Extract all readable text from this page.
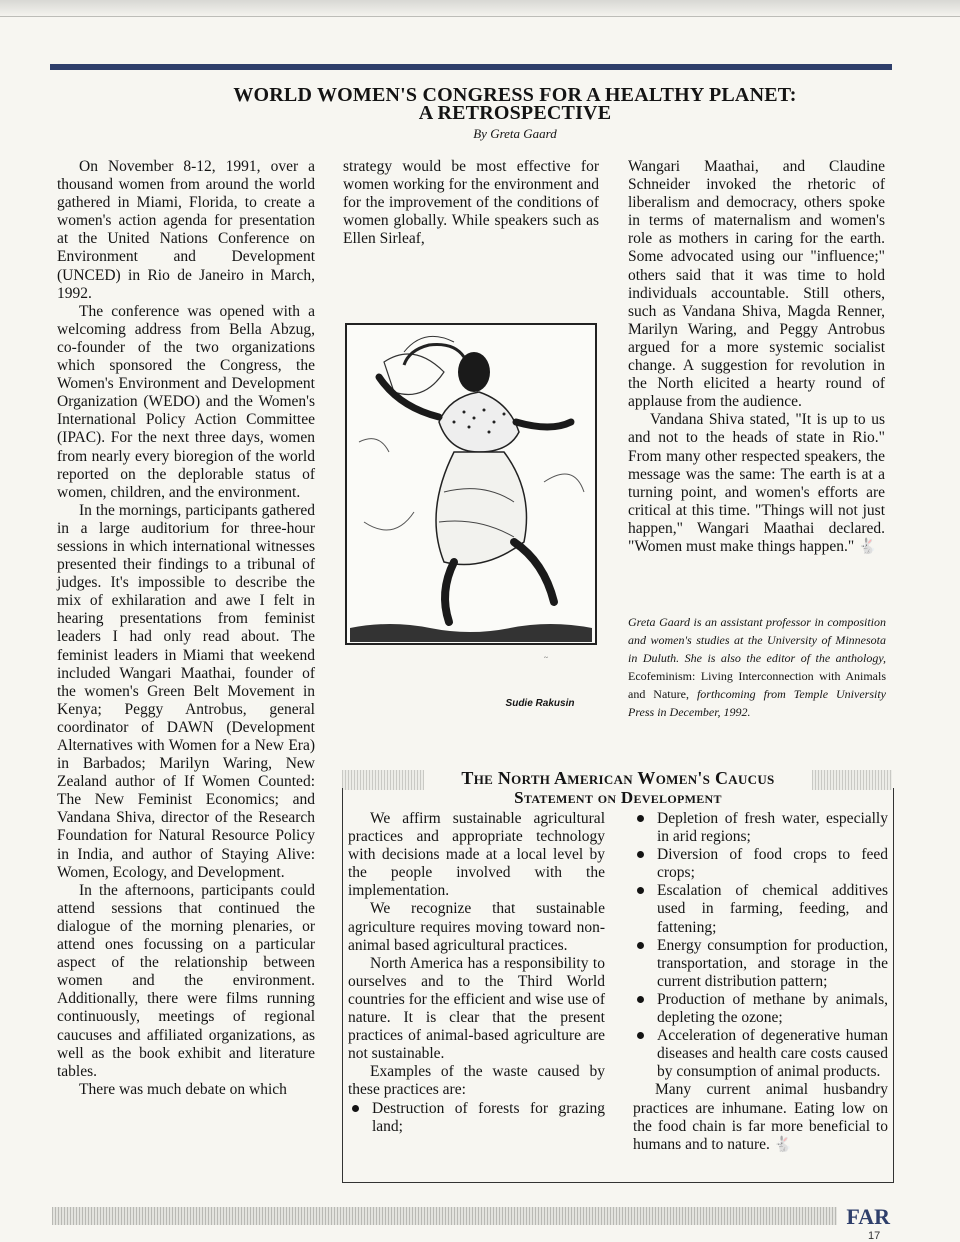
WORLD WOMEN'S CONGRESS FOR A HEALTHY PLANET:
A RETROSPECTIVE
By Greta Gaard

On November 8-12, 1991, over a thousand women from around the world gathered in Miami, Florida, to create a women's action agenda for presentation at the United Nations Conference on Environment and Development (UNCED) in Rio de Janeiro in March, 1992.

The conference was opened with a welcoming address from Bella Abzug, co-founder of the two organizations which sponsored the Congress, the Women's Environment and Development Organization (WEDO) and the Women's International Policy Action Committee (IPAC). For the next three days, women from nearly every bioregion of the world reported on the deplorable status of women, children, and the environment.

In the mornings, participants gathered in a large auditorium for three-hour sessions in which international witnesses presented their findings to a tribunal of judges. It's impossible to describe the mix of exhilaration and awe I felt in hearing presentations from feminist leaders I had only read about. The feminist leaders in Miami that weekend included Wangari Maathai, founder of the women's Green Belt Movement in Kenya; Peggy Antrobus, general coordinator of DAWN (Development Alternatives with Women for a New Era) in Barbados; Marilyn Waring, New Zealand author of If Women Counted: The New Feminist Economics; and Vandana Shiva, director of the Research Foundation for Natural Resource Policy in India, and author of Staying Alive: Women, Ecology, and Development.

In the afternoons, participants could attend sessions that continued the dialogue of the morning plenaries, or attend ones focussing on a particular aspect of the relationship between women and the environment. Additionally, there were films running continuously, meetings of regional caucuses and affiliated organizations, as well as the book exhibit and literature tables.

There was much debate on which

strategy would be most effective for women working for the environment and for the improvement of the conditions of women globally. While speakers such as Ellen Sirleaf,

~
Sudie Rakusin

Wangari Maathai, and Claudine Schneider invoked the rhetoric of liberalism and democracy, others spoke in terms of maternalism and women's role as mothers in caring for the earth. Some advocated using our "influence;" others said that it was time to hold individuals accountable. Still others, such as Vandana Shiva, Magda Renner, Marilyn Waring, and Peggy Antrobus argued for a more systemic socialist change. A suggestion for revolution in the North elicited a hearty round of applause from the audience.

Vandana Shiva stated, "It is up to us and not to the heads of state in Rio." From many other respected speakers, the message was the same: The earth is at a turning point, and women's efforts are critical at this time. "Things will not just happen," Wangari Maathai declared. "Women must make things happen." 🐇

Greta Gaard is an assistant professor in composition and women's studies at the University of Minnesota in Duluth. She is also the editor of the anthology, Ecofeminism: Living Interconnection with Animals and Nature, forthcoming from Temple University Press in December, 1992.
The North American Women's Caucus
Statement on Development

We affirm sustainable agricultural practices and appropriate technology with decisions made at a local level by the people involved with the implementation.

We recognize that sustainable agriculture requires moving toward non-animal based agricultural practices.

North America has a responsibility to ourselves and to the Third World countries for the efficient and wise use of nature. It is clear that the present practices of animal-based agriculture are not sustainable.

Examples of the waste caused by these practices are:

Destruction of forests for grazing land;
Depletion of fresh water, especially in arid regions;
Diversion of food crops to feed crops;
Escalation of chemical additives used in farming, feeding, and fattening;
Energy consumption for production, transportation, and storage in the current distribution pattern;
Production of methane by animals, depleting the ozone;
Acceleration of degenerative human diseases and health care costs caused by consumption of animal products.

Many current animal husbandry practices are inhumane. Eating low on the food chain is far more beneficial to humans and to nature. 🐇

FAR
17
